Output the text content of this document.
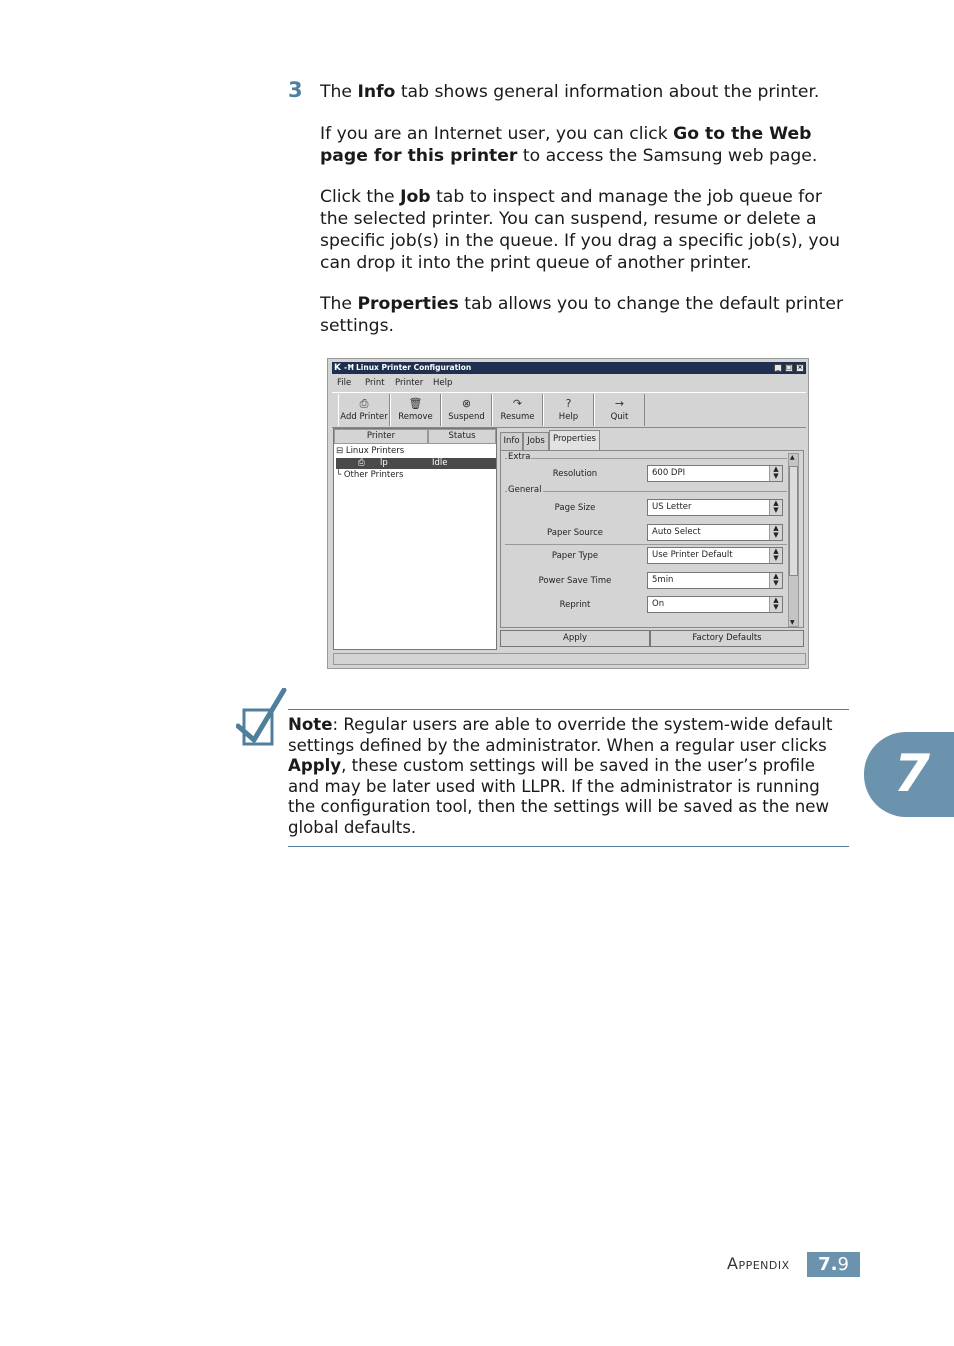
3 The Info tab shows general information about the printer.
If you are an Internet user, you can click Go to the Web page for this printer to access the Samsung web page.
Click the Job tab to inspect and manage the job queue for the selected printer. You can suspend, resume or delete a specific job(s) in the queue. If you drag a specific job(s), you can drop it into the print queue of another printer.
The Properties tab allows you to change the default printer settings.
K -Ħ Linux Printer Configuration	_	□ ×
File Print Printer Help
⎙
Add Printer
🗑
Remove
⊗
Suspend
↷
Resume
?
Help
→
Quit
Printer	Status
⊟ Linux Printers
⎙ lp	Idle
└ Other Printers
Info Jobs Properties
Extra
Resolution	600 DPI	▲
▼
General
Page Size	US Letter	▲
▼
Paper Source	Auto Select	▲
▼
Paper Type	Use Printer Default	▲
▼
Power Save Time	5min	▲
▼
Reprint	On	▲
▼
▲
▼
Apply	Factory Defaults
Note: Regular users are able to override the system-wide default settings defined by the administrator. When a regular user clicks Apply, these custom settings will be saved in the user’s profile and may be later used with LLPR. If the administrator is running the configuration tool, then the settings will be saved as the new global defaults.
7
Appendix	7.9
